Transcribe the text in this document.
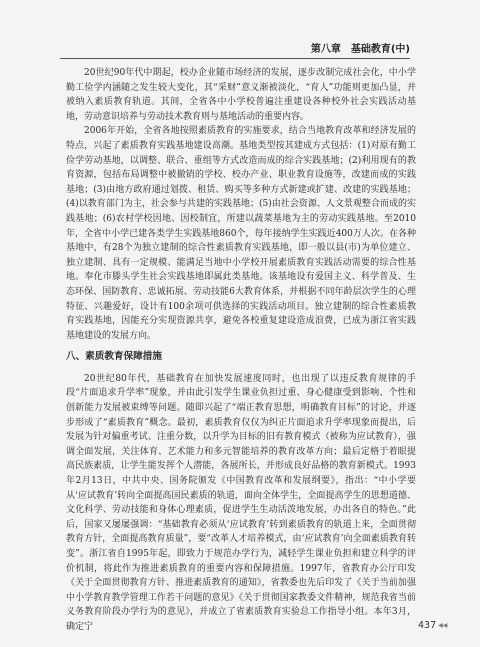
第八章　基础教育(中)

20世纪90年代中期起，校办企业随市场经济的发展，逐步改制完成社会化，中小学勤工俭学内涵随之发生较大变化，其“采财”意义渐被淡化，“育人”功能则更加凸显，并被纳入素质教育轨道。其间，全省各中小学校普遍注重建设各种校外社会实践活动基地，劳动意识培养与劳动技术教育则与基地活动的重要内容。

2006年开始，全省各地按照素质教育的实施要求，结合当地教育改革和经济发展的特点，兴起了素质教育实践基地建设高潮。基地类型按其建成方式包括：(1)对原有勤工俭学劳动基地，以调整、联合、重组等方式改造而成的综合实践基地；(2)利用现有的教育资源，包括布局调整中被撤销的学校、校办产业、职业教育设施等，改建而成的实践基地；(3)由地方政府通过划拨、租赁、购买等多种方式新建或扩建、改建的实践基地；(4)以教育部门为主，社会参与共建的实践基地；(5)由社会资源、人文景观整合而成的实践基地；(6)农村学校因地、因校制宜，所建以蔬菜基地为主的劳动实践基地。至2010年，全省中小学已建各类学生实践基地860个，每年接纳学生实践近400万人次。在各种基地中，有28个为独立建制的综合性素质教育实践基地，即一般以县(市)为单位建立、独立建制、具有一定规模、能满足当地中小学校开展素质教育实践活动需要的综合性基地。奉化市滕头学生社会实践基地即属此类基地。该基地设有爱国主义、科学普及、生态环保、国防教育、忠诚拓展、劳动技能6大教育体系，并根据不同年龄层次学生的心理特征、兴趣爱好，设计有100余项可供选择的实践活动项目。独立建制的综合性素质教育实践基地，因能充分实现资源共享，避免各校重复建设造成浪费，已成为浙江省实践基地建设的发展方向。

八、素质教育保障措施

20世纪80年代，基础教育在加快发展速度同时，也出现了以违反教育规律的手段“片面追求升学率”现象，并由此引发学生课业负担过重、身心健康受到影响、个性和创新能力发展被束缚等问题。随即兴起了“端正教育思想，明确教育目标”的讨论，并逐步形成了“素质教育”概念。最初，素质教育仅仅为纠正片面追求升学率现象而提出，后发展为针对偏重考试、注重分数，以升学为目标的旧有教育模式（被称为应试教育），强调全面发展，关注体育、艺术能力和多元智能培养的教育改革方向；最后定格于着眼提高民族素质，让学生能发挥个人潜能，各展所长，并形成良好品格的教育新模式。1993年2月13日，中共中央、国务院颁发《中国教育改革和发展纲要》，指出：“中小学要从‘应试教育’转向全面提高国民素质的轨道，面向全体学生，全面提高学生的思想道德、文化科学、劳动技能和身体心理素质，促进学生生动活泼地发展，办出各自的特色。”此后，国家又屡屡强调：“基础教育必须从‘应试教育’转到素质教育的轨道上来，全面贯彻教育方针，全面提高教育质量”，要“改革人才培养模式，由‘应试教育’向全面素质教育转变”。浙江省自1995年起，即致力于规范办学行为，减轻学生课业负担和建立科学的评价机制，将此作为推进素质教育的重要内容和保障措施。1997年，省教育办公厅印发《关于全面贯彻教育方针、推进素质教育的通知》，省教委也先后印发了《关于当前加强中小学教育教学管理工作若干问题的意见》《关于贯彻国家教委文件精神，规范我省当前义务教育阶段办学行为的意见》，并成立了省素质教育实验总工作指导小组。本年3月，确定宁	437 ◀◀
